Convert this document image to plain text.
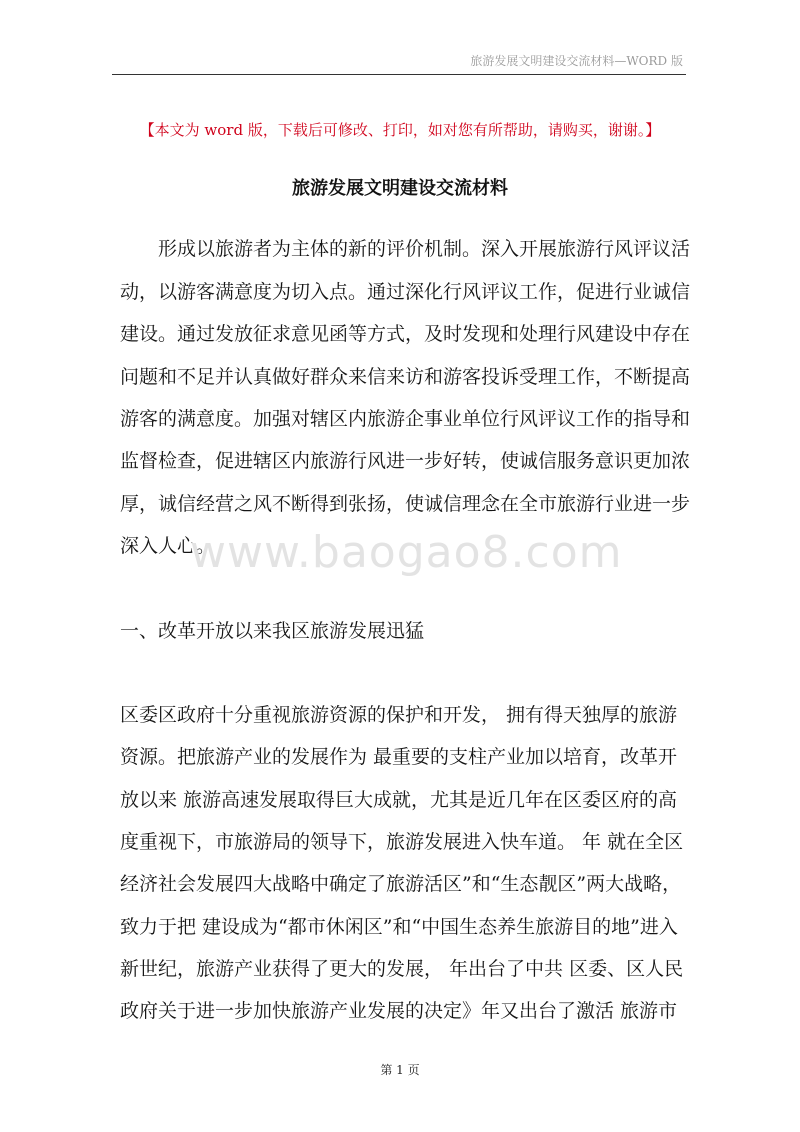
旅游发展文明建设交流材料—WORD 版
【本文为 word 版，下载后可修改、打印，如对您有所帮助，请购买，谢谢。】
旅游发展文明建设交流材料
形成以旅游者为主体的新的评价机制。深入开展旅游行风评议活
动，以游客满意度为切入点。通过深化行风评议工作，促进行业诚信
建设。通过发放征求意见函等方式，及时发现和处理行风建设中存在
问题和不足并认真做好群众来信来访和游客投诉受理工作，不断提高
游客的满意度。加强对辖区内旅游企事业单位行风评议工作的指导和
监督检查，促进辖区内旅游行风进一步好转，使诚信服务意识更加浓
厚，诚信经营之风不断得到张扬，使诚信理念在全市旅游行业进一步
深入人心。
www.baogao8.com
一、改革开放以来我区旅游发展迅猛
区委区政府十分重视旅游资源的保护和开发， 拥有得天独厚的旅游
资源。把旅游产业的发展作为 最重要的支柱产业加以培育，改革开
放以来 旅游高速发展取得巨大成就，尤其是近几年在区委区府的高
度重视下，市旅游局的领导下，旅游发展进入快车道。 年 就在全区
经济社会发展四大战略中确定了旅游活区”和“生态靓区”两大战略，
致力于把 建设成为“都市休闲区”和“中国生态养生旅游目的地”进入
新世纪，旅游产业获得了更大的发展， 年出台了中共 区委、区人民
政府关于进一步加快旅游产业发展的决定》年又出台了激活 旅游市
第 1 页
